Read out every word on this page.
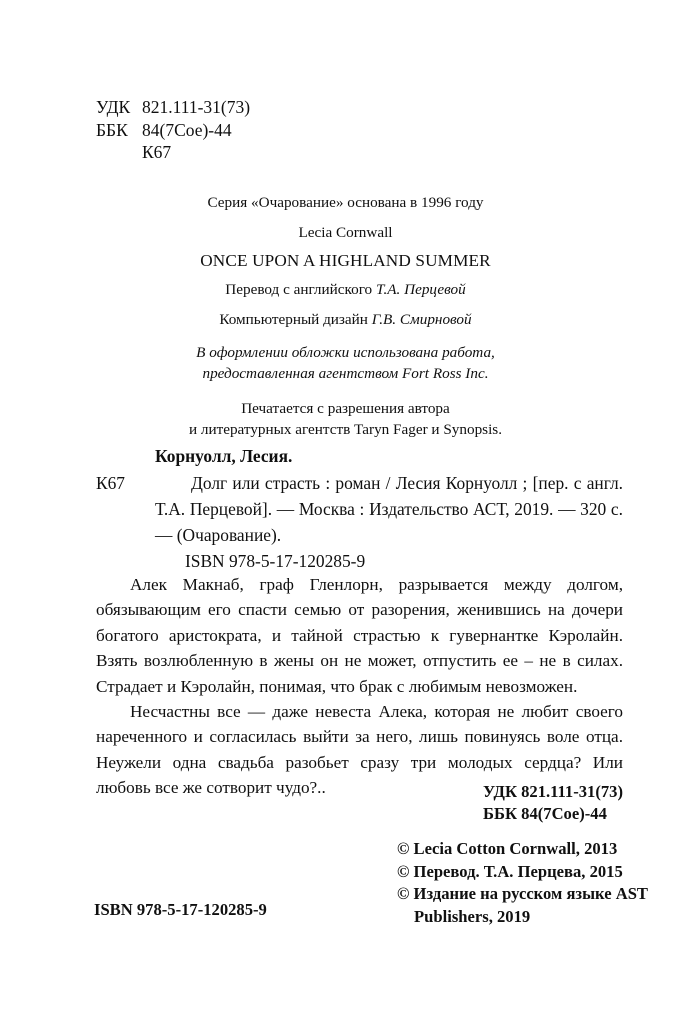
УДК 821.111-31(73)
ББК 84(7Сое)-44
К67
Серия «Очарование» основана в 1996 году
Lecia Cornwall
ONCE UPON A HIGHLAND SUMMER
Перевод с английского Т.А. Перцевой
Компьютерный дизайн Г.В. Смирновой
В оформлении обложки использована работа,
предоставленная агентством Fort Ross Inc.
Печатается с разрешения автора
и литературных агентств Taryn Fager и Synopsis.
Корнуолл, Лесия.
К67	Долг или страсть : роман / Лесия Корнуолл ; [пер. с англ. Т.А. Перцевой]. — Москва : Издательство АСТ, 2019. — 320 с. — (Очарование).
ISBN 978-5-17-120285-9

Алек Макнаб, граф Гленлорн, разрывается между долгом, обязывающим его спасти семью от разорения, женившись на дочери богатого аристократа, и тайной страстью к гувернантке Кэролайн. Взять возлюбленную в жены он не может, отпустить ее – не в силах. Страдает и Кэролайн, понимая, что брак с любимым невозможен.

Несчастны все — даже невеста Алека, которая не любит своего нареченного и согласилась выйти за него, лишь повинуясь воле отца. Неужели одна свадьба разобьет сразу три молодых сердца? Или любовь все же сотворит чудо?..	УДК 821.111-31(73)
ББК 84(7Сое)-44
© Lecia Cotton Cornwall, 2013
© Перевод. Т.А. Перцева, 2015
© Издание на русском языке AST
Publishers, 2019
ISBN 978-5-17-120285-9
